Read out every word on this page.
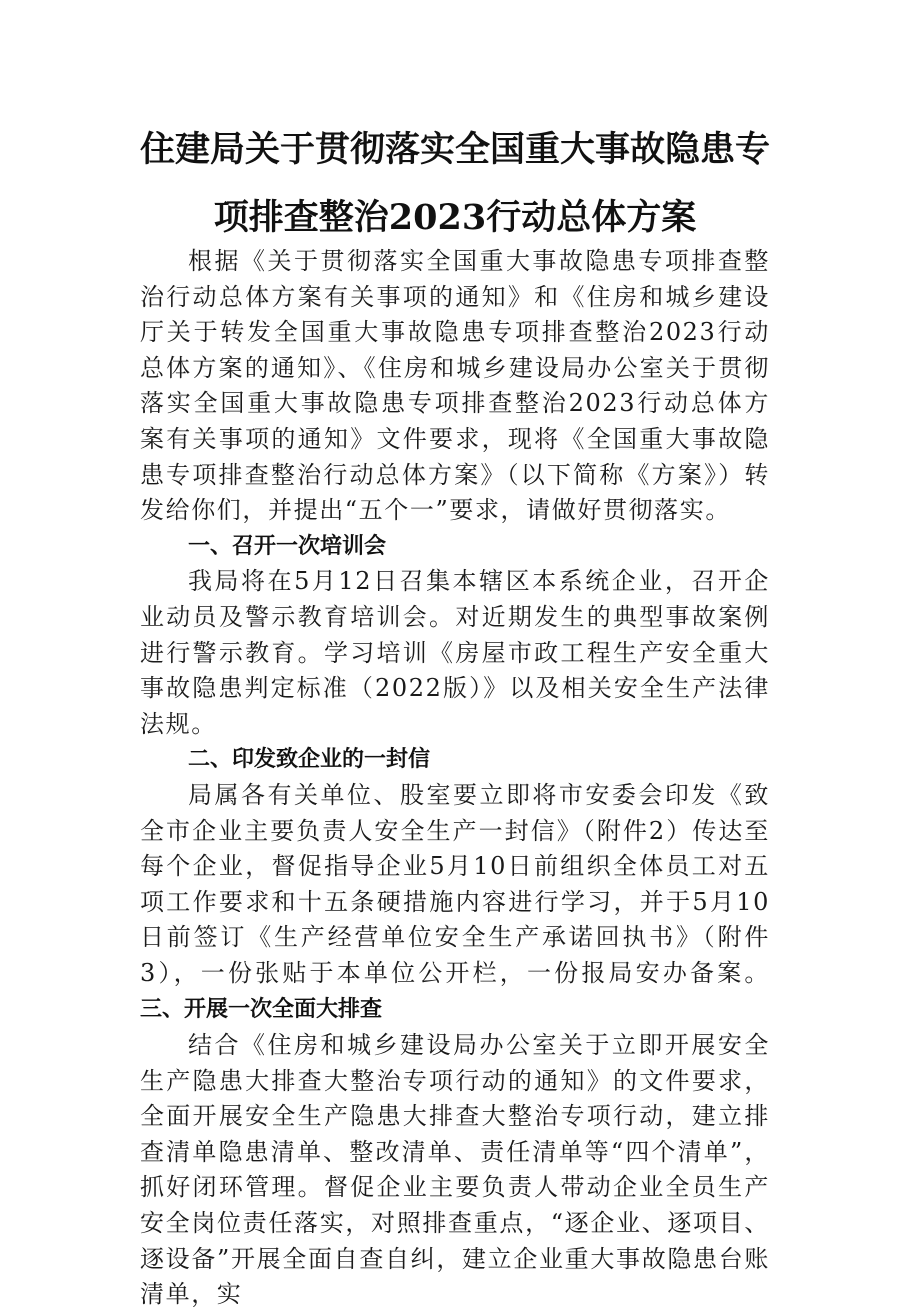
住建局关于贯彻落实全国重大事故隐患专
项排查整治2023行动总体方案

根据《关于贯彻落实全国重大事故隐患专项排查整治行动总体方案有关事项的通知》和《住房和城乡建设厅关于转发全国重大事故隐患专项排查整治2023行动总体方案的通知》、《住房和城乡建设局办公室关于贯彻落实全国重大事故隐患专项排查整治2023行动总体方案有关事项的通知》文件要求，现将《全国重大事故隐患专项排查整治行动总体方案》（以下简称《方案》）转发给你们，并提出“五个一”要求，请做好贯彻落实。

一、召开一次培训会

我局将在5月12日召集本辖区本系统企业，召开企业动员及警示教育培训会。对近期发生的典型事故案例进行警示教育。学习培训《房屋市政工程生产安全重大事故隐患判定标准（2022版）》以及相关安全生产法律法规。

二、印发致企业的一封信

局属各有关单位、股室要立即将市安委会印发《致全市企业主要负责人安全生产一封信》（附件2）传达至每个企业，督促指导企业5月10日前组织全体员工对五项工作要求和十五条硬措施内容进行学习，并于5月10日前签订《生产经营单位安全生产承诺回执书》（附件3），一份张贴于本单位公开栏，一份报局安办备案。三、开展一次全面大排查

结合《住房和城乡建设局办公室关于立即开展安全生产隐患大排查大整治专项行动的通知》的文件要求，全面开展安全生产隐患大排查大整治专项行动，建立排查清单隐患清单、整改清单、责任清单等“四个清单”，抓好闭环管理。督促企业主要负责人带动企业全员生产安全岗位责任落实，对照排查重点，“逐企业、逐项目、逐设备”开展全面自查自纠，建立企业重大事故隐患台账清单，实
